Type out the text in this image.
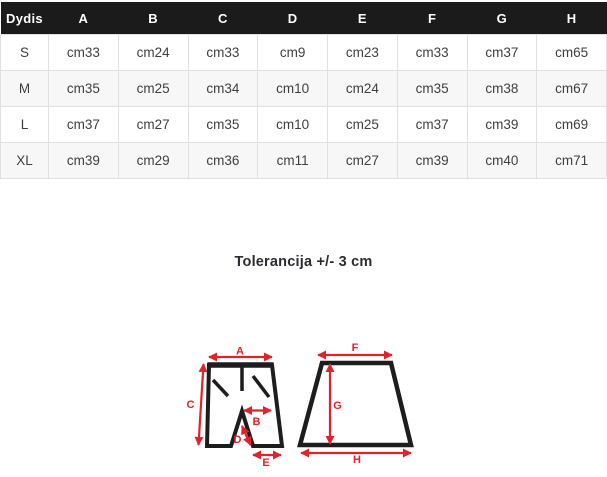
Dydis	A	B	C	D	E	F	G	H
S	cm33	cm24	cm33	cm9	cm23	cm33	cm37	cm65
M	cm35	cm25	cm34	cm10	cm24	cm35	cm38	cm67
L	cm37	cm27	cm35	cm10	cm25	cm37	cm39	cm69
XL	cm39	cm29	cm36	cm11	cm27	cm39	cm40	cm71
Tolerancija +/- 3 cm
A
B
C
D
E
F
G
H
